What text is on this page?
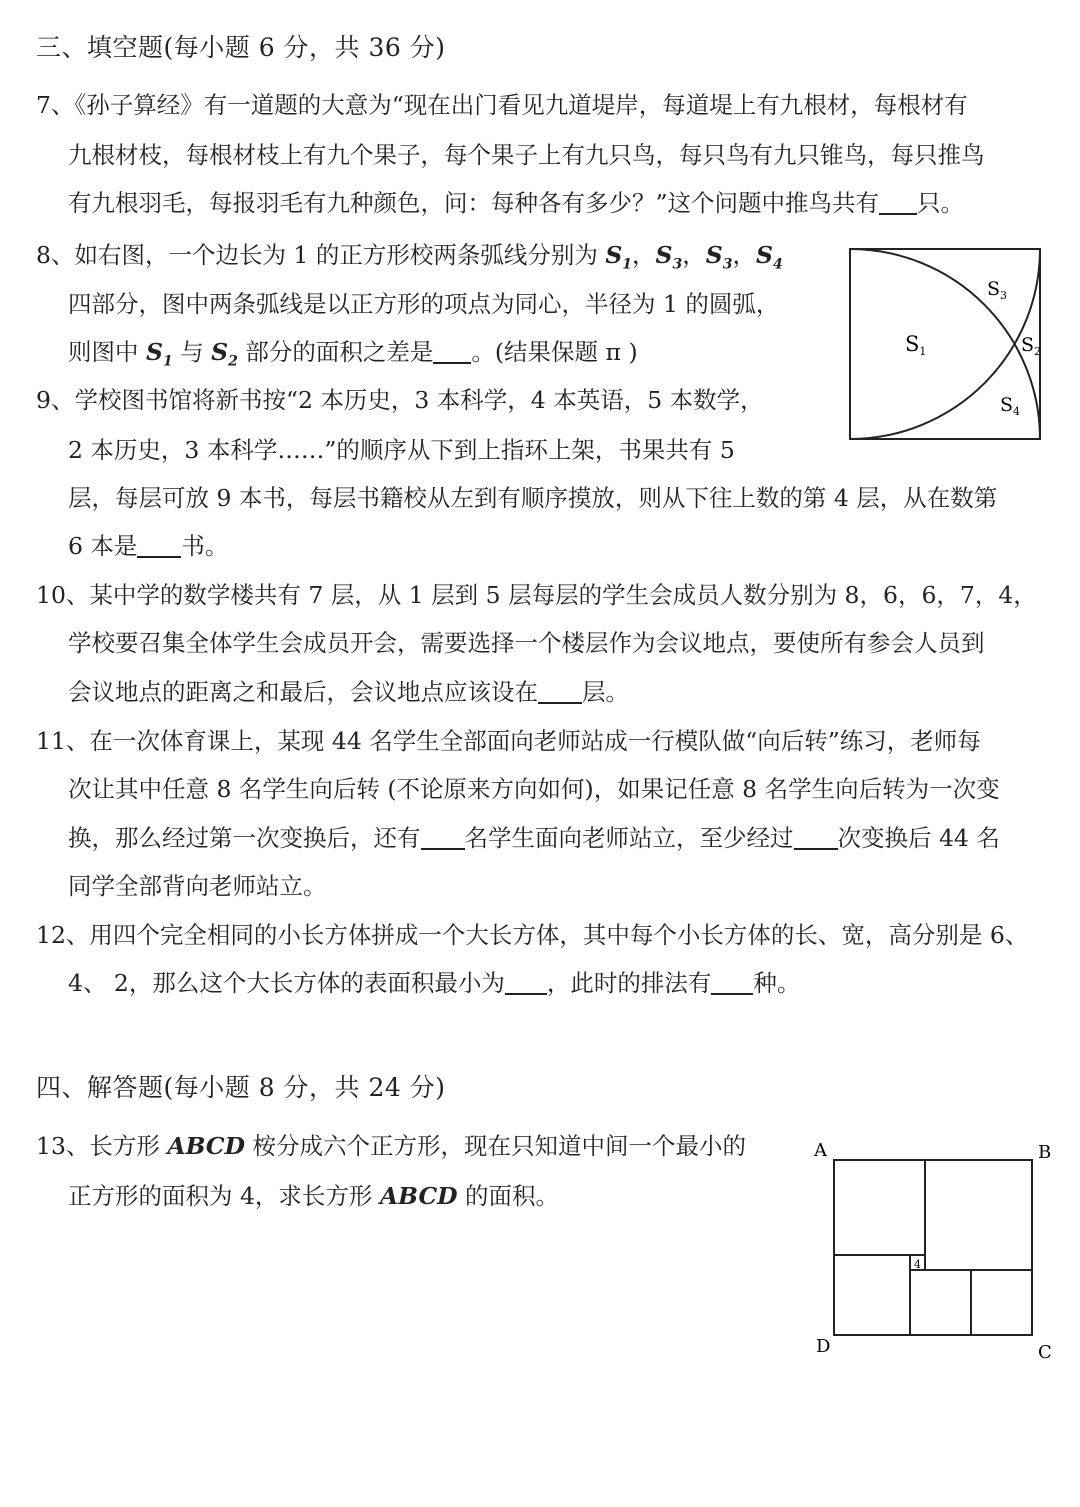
三、填空题(每小题 6 分，共 36 分)
7、《孙子算经》有一道题的大意为“现在出门看见九道堤岸，每道堤上有九根材，每根材有
九根材枝，每根材枝上有九个果子，每个果子上有九只鸟，每只鸟有九只锥鸟，每只推鸟
有九根羽毛，每报羽毛有九种颜色，问：每种各有多少？”这个问题中推鸟共有 只。
8、如右图，一个边长为 1 的正方形校两条弧线分别为 $S_1$，$S_3$，$S_3$，$S_4$
四部分，图中两条弧线是以正方形的项点为同心，半径为 1 的圆弧，
则图中 $S_1$ 与 $S_2$ 部分的面积之差是 。(结果保题 π )	S1
$S_3$
$S_2$
$S_4$
9、学校图书馆将新书按“2 本历史，3 本科学，4 本英语，5 本数学，
2 本历史，3 本科学……”的顺序从下到上指环上架，书果共有 5
层，每层可放 9 本书，每层书籍校从左到有顺序摸放，则从下往上数的第 4 层，从在数第
6 本是 书。
10、某中学的数学楼共有 7 层，从 1 层到 5 层每层的学生会成员人数分别为 8，6，6，7，4，
学校要召集全体学生会成员开会，需要选择一个楼层作为会议地点，要使所有参会人员到
会议地点的距离之和最后，会议地点应该设在 层。
11、在一次体育课上，某现 44 名学生全部面向老师站成一行模队做“向后转”练习，老师每
次让其中任意 8 名学生向后转 (不论原来方向如何)，如果记任意 8 名学生向后转为一次变
换，那么经过第一次变换后，还有 名学生面向老师站立，至少经过 次变换后 44 名
同学全部背向老师站立。
12、用四个完全相同的小长方体拼成一个大长方体，其中每个小长方体的长、宽，高分别是 6、
4、 2，那么这个大长方体的表面积最小为 ，此时的排法有 种。
四、解答题(每小题 8 分，共 24 分)
13、长方形 ABCD 桉分成六个正方形，现在只知道中间一个最小的
正方形的面积为 4，求长方形 ABCD 的面积。
4
A	B
C
D
